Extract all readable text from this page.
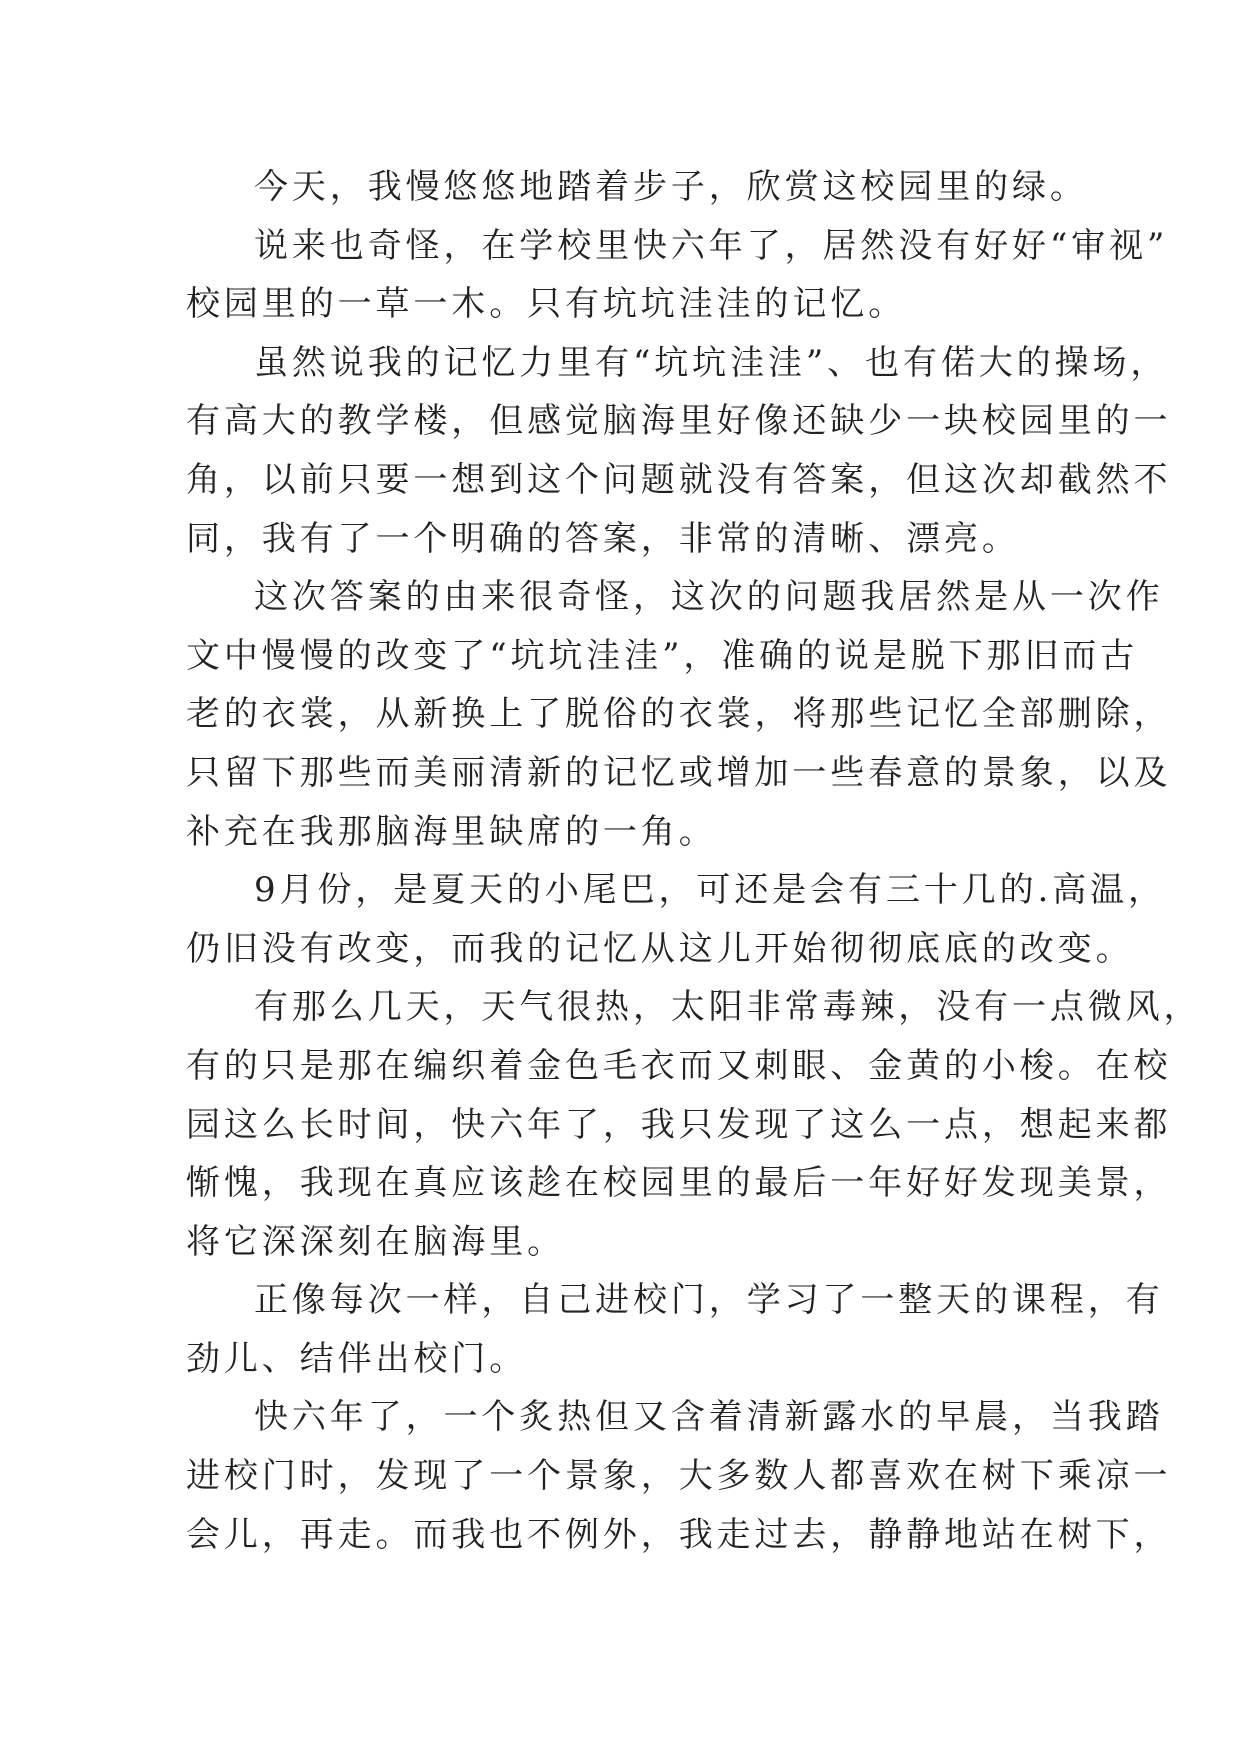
今天，我慢悠悠地踏着步子，欣赏这校园里的绿。
说来也奇怪，在学校里快六年了，居然没有好好“审视”
校园里的一草一木。只有坑坑洼洼的记忆。
虽然说我的记忆力里有“坑坑洼洼”、也有偌大的操场，
有高大的教学楼，但感觉脑海里好像还缺少一块校园里的一
角，以前只要一想到这个问题就没有答案，但这次却截然不
同，我有了一个明确的答案，非常的清晰、漂亮。
这次答案的由来很奇怪，这次的问题我居然是从一次作
文中慢慢的改变了“坑坑洼洼”，准确的说是脱下那旧而古
老的衣裳，从新换上了脱俗的衣裳，将那些记忆全部删除，
只留下那些而美丽清新的记忆或增加一些春意的景象，以及
补充在我那脑海里缺席的一角。
9月份，是夏天的小尾巴，可还是会有三十几的.高温，
仍旧没有改变，而我的记忆从这儿开始彻彻底底的改变。
有那么几天，天气很热，太阳非常毒辣，没有一点微风，
有的只是那在编织着金色毛衣而又刺眼、金黄的小梭。在校
园这么长时间，快六年了，我只发现了这么一点，想起来都
惭愧，我现在真应该趁在校园里的最后一年好好发现美景，
将它深深刻在脑海里。
正像每次一样，自己进校门，学习了一整天的课程，有
劲儿、结伴出校门。
快六年了，一个炙热但又含着清新露水的早晨，当我踏
进校门时，发现了一个景象，大多数人都喜欢在树下乘凉一
会儿，再走。而我也不例外，我走过去，静静地站在树下，
